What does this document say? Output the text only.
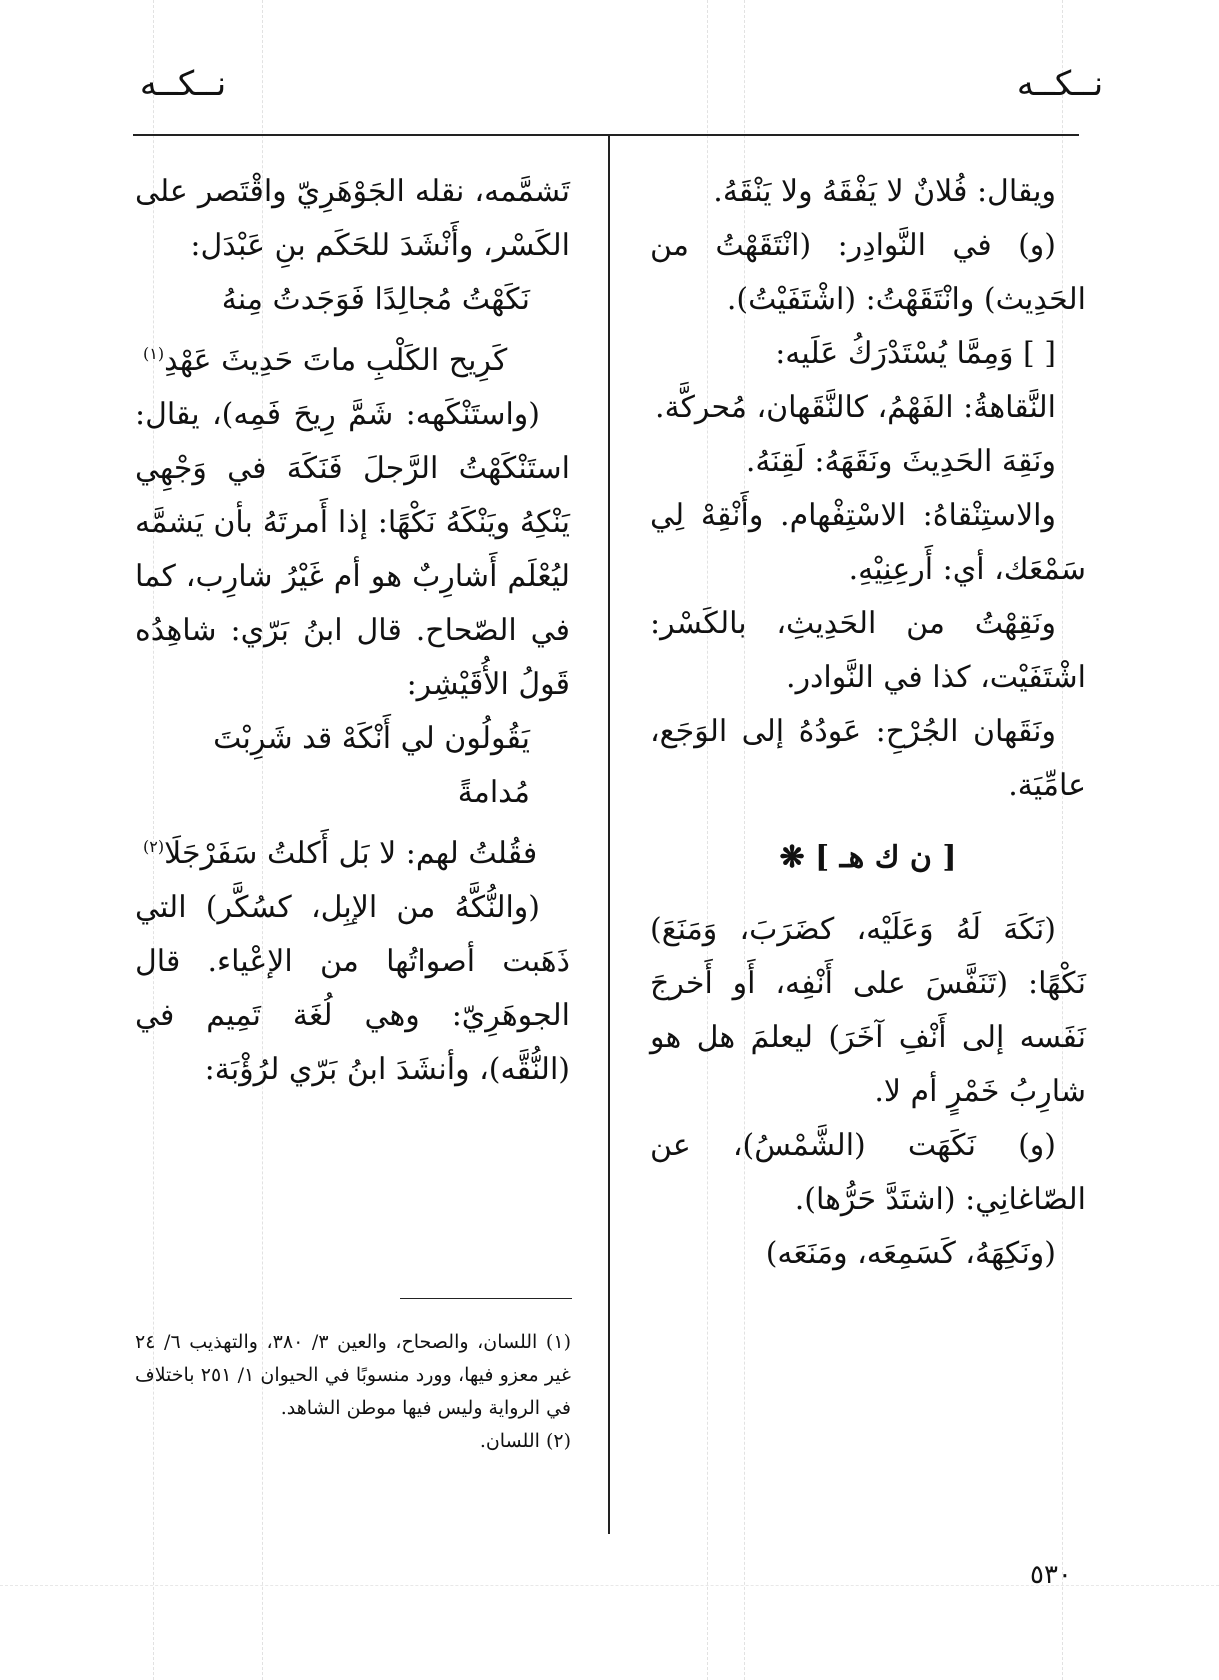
نــكــه
نــكــه

ويقال: فُلانٌ لا يَفْقَهُ ولا يَنْقَهُ.

(و) في النَّوادِر: (انْتَقَهْتُ من الحَدِيث) وانْتَقَهْتُ: (اشْتَفَيْتُ).

[ ] وَمِمَّا يُسْتَدْرَكُ عَلَيه:

النَّقاهةُ: الفَهْمُ، كالنَّقَهان، مُحركَّة.

ونَقِهَ الحَدِيثَ ونَقَهَهُ: لَقِنَهُ.

والاستِنْقاهُ: الاسْتِفْهام. وأَنْقِهْ لِي سَمْعَك، أي: أَرعِنِيْهِ.

ونَقِهْتُ من الحَدِيثِ، بالكَسْر: اشْتَفَيْت، كذا في النَّوادر.

ونَقَهان الجُرْحِ: عَودُهُ إلى الوَجَع، عامِّيَة.

[ ن ك هـ ] ❋

(نَكَهَ لَهُ وَعَلَيْه، كضَرَبَ، وَمَنَعَ) نَكْهًا: (تَنَفَّسَ على أَنْفِه، أَو أَخرجَ نَفَسه إلى أَنْفِ آخَرَ) ليعلمَ هل هو شارِبُ خَمْرٍ أم لا.

(و) نَكَهَت (الشَّمْسُ)، عن الصّاغانِي: (اشتَدَّ حَرُّها).

(ونَكِهَهُ، كَسَمِعَه، ومَنَعَه)

تَشمَّمه، نقله الجَوْهَرِيّ واقْتَصر على الكَسْر، وأَنْشَدَ للحَكَم بنِ عَبْدَل:

نَكَهْتُ مُجالِدًا فَوَجَدتُ مِنهُ

كَرِيح الكَلْبِ ماتَ حَدِيثَ عَهْدِ$^{(١)}$

(واستَنْكَهه: شَمَّ رِيحَ فَمِه)، يقال: استَنْكَهْتُ الرَّجلَ فَنَكَهَ في وَجْهِي يَنْكِهُ ويَنْكَهُ نَكْهًا: إذا أَمرتَهُ بأن يَشمَّه ليُعْلَم أَشارِبٌ هو أم غَيْرُ شارِب، كما في الصّحاح. قال ابنُ بَرّي: شاهِدُه قَولُ الأُقَيْشِر:

يَقُولُون لي أَنْكَهْ قد شَرِبْتَ مُدامةً

فقُلتُ لهم: لا بَل أَكلتُ سَفَرْجَلَا$^{(٢)}$

(والنُّكَّهُ من الإبِل، كسُكَّر) التي ذَهَبت أصواتُها من الإعْياء. قال الجوهَرِيّ: وهي لُغَة تَمِيم في (النُّقَّه)، وأنشَدَ ابنُ بَرّي لرُؤْبَة:

(١) اللسان، والصحاح، والعين ٣/ ٣٨٠، والتهذيب ٦/ ٢٤ غير معزو فيها، وورد منسوبًا في الحيوان ١/ ٢٥١ باختلاف في الرواية وليس فيها موطن الشاهد.

(٢) اللسان.

٥٣٠
